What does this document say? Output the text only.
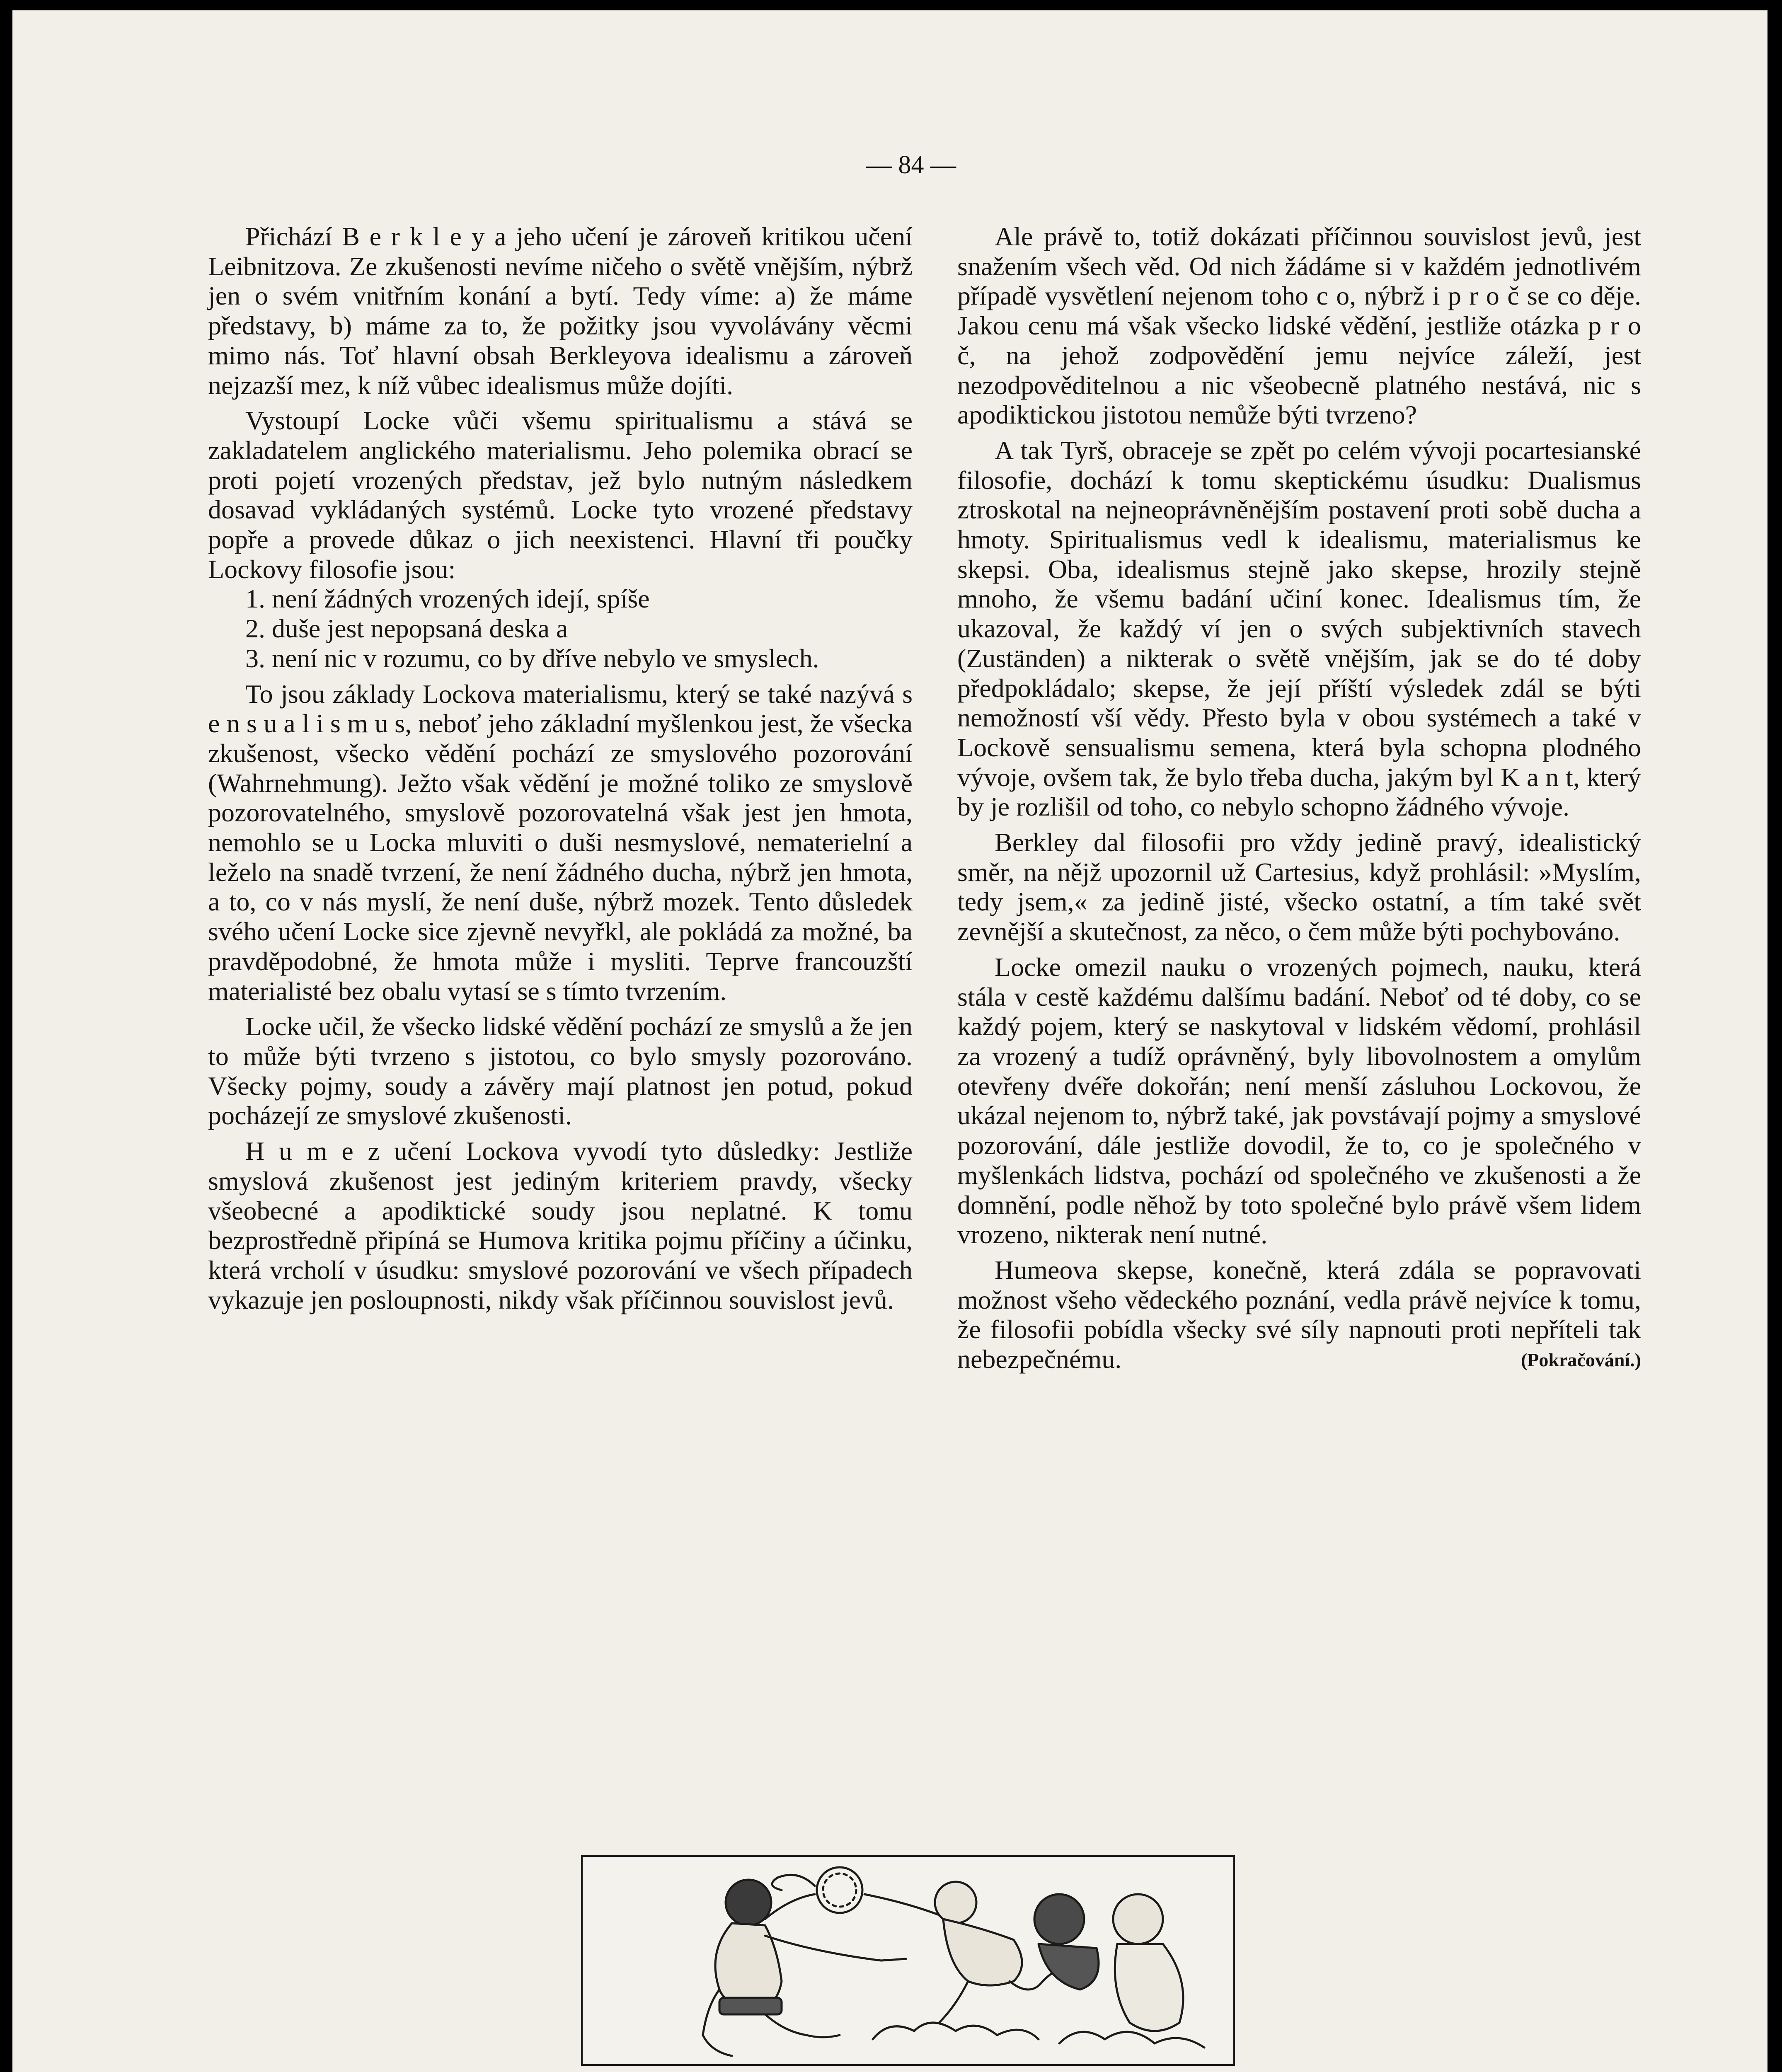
— 84 —

Přichází B e r k l e y a jeho učení je zároveň kritikou učení Leibnitzova. Ze zkušenosti nevíme ničeho o světě vnějším, nýbrž jen o svém vnitřním konání a bytí. Tedy víme: a) že máme představy, b) máme za to, že požitky jsou vyvolávány věcmi mimo nás. Toť hlavní obsah Berkleyova idealismu a zároveň nejzazší mez, k níž vůbec idealismus může dojíti.

Vystoupí Locke vůči všemu spiritualismu a stává se zakladatelem anglického materialismu. Jeho polemika obrací se proti pojetí vrozených představ, jež bylo nutným následkem dosavad vykládaných systémů. Locke tyto vrozené představy popře a provede důkaz o jich neexistenci. Hlavní tři poučky Lockovy filosofie jsou:

1. není žádných vrozených idejí, spíše
2. duše jest nepopsaná deska a
3. není nic v rozumu, co by dříve nebylo ve smyslech.

To jsou základy Lockova materialismu, který se také nazývá s e n s u a l i s m u s, neboť jeho základní myšlenkou jest, že všecka zkušenost, všecko vědění pochází ze smyslového pozorování (Wahrnehmung). Ježto však vědění je možné toliko ze smyslově pozorovatelného, smyslově pozorovatelná však jest jen hmota, nemohlo se u Locka mluviti o duši nesmyslové, nematerielní a leželo na snadě tvrzení, že není žádného ducha, nýbrž jen hmota, a to, co v nás myslí, že není duše, nýbrž mozek. Tento důsledek svého učení Locke sice zjevně nevyřkl, ale pokládá za možné, ba pravděpodobné, že hmota může i mysliti. Teprve francouzští materialisté bez obalu vytasí se s tímto tvrzením.

Locke učil, že všecko lidské vědění pochází ze smyslů a že jen to může býti tvrzeno s jistotou, co bylo smysly pozorováno. Všecky pojmy, soudy a závěry mají platnost jen potud, pokud pocházejí ze smyslové zkušenosti.

H u m e z učení Lockova vyvodí tyto důsledky: Jestliže smyslová zkušenost jest jediným kriteriem pravdy, všecky všeobecné a apodiktické soudy jsou neplatné. K tomu bezprostředně připíná se Humova kritika pojmu příčiny a účinku, která vrcholí v úsudku: smyslové pozorování ve všech případech vykazuje jen posloupnosti, nikdy však příčinnou souvislost jevů.

Ale právě to, totiž dokázati příčinnou souvislost jevů, jest snažením všech věd. Od nich žádáme si v každém jednotlivém případě vysvětlení nejenom toho c o, nýbrž i p r o č se co děje. Jakou cenu má však všecko lidské vědění, jestliže otázka p r o č, na jehož zodpovědění jemu nejvíce záleží, jest nezodpověditelnou a nic všeobecně platného nestává, nic s apodiktickou jistotou nemůže býti tvrzeno?

A tak Tyrš, obraceje se zpět po celém vývoji pocartesianské filosofie, dochází k tomu skeptickému úsudku: Dualismus ztroskotal na nejneoprávněnějším postavení proti sobě ducha a hmoty. Spiritualismus vedl k idealismu, materialismus ke skepsi. Oba, idealismus stejně jako skepse, hrozily stejně mnoho, že všemu badání učiní konec. Idealismus tím, že ukazoval, že každý ví jen o svých subjektivních stavech (Zuständen) a nikterak o světě vnějším, jak se do té doby předpokládalo; skepse, že její příští výsledek zdál se býti nemožností vší vědy. Přesto byla v obou systémech a také v Lockově sensualismu semena, která byla schopna plodného vývoje, ovšem tak, že bylo třeba ducha, jakým byl K a n t, který by je rozlišil od toho, co nebylo schopno žádného vývoje.

Berkley dal filosofii pro vždy jedině pravý, idealistický směr, na nějž upozornil už Cartesius, když prohlásil: »Myslím, tedy jsem,« za jedině jisté, všecko ostatní, a tím také svět zevnější a skutečnost, za něco, o čem může býti pochybováno.

Locke omezil nauku o vrozených pojmech, nauku, která stála v cestě každému dalšímu badání. Neboť od té doby, co se každý pojem, který se naskytoval v lidském vědomí, prohlásil za vrozený a tudíž oprávněný, byly libovolnostem a omylům otevřeny dvéře dokořán; není menší zásluhou Lockovou, že ukázal nejenom to, nýbrž také, jak povstávají pojmy a smyslové pozorování, dále jestliže dovodil, že to, co je společného v myšlenkách lidstva, pochází od společného ve zkušenosti a že domnění, podle něhož by toto společné bylo právě všem lidem vrozeno, nikterak není nutné.

Humeova skepse, konečně, která zdála se popravovati možnost všeho vědeckého poznání, vedla právě nejvíce k tomu, že filosofii pobídla všecky své síly napnouti proti nepříteli tak nebezpečnému.	(Pokračování.)
